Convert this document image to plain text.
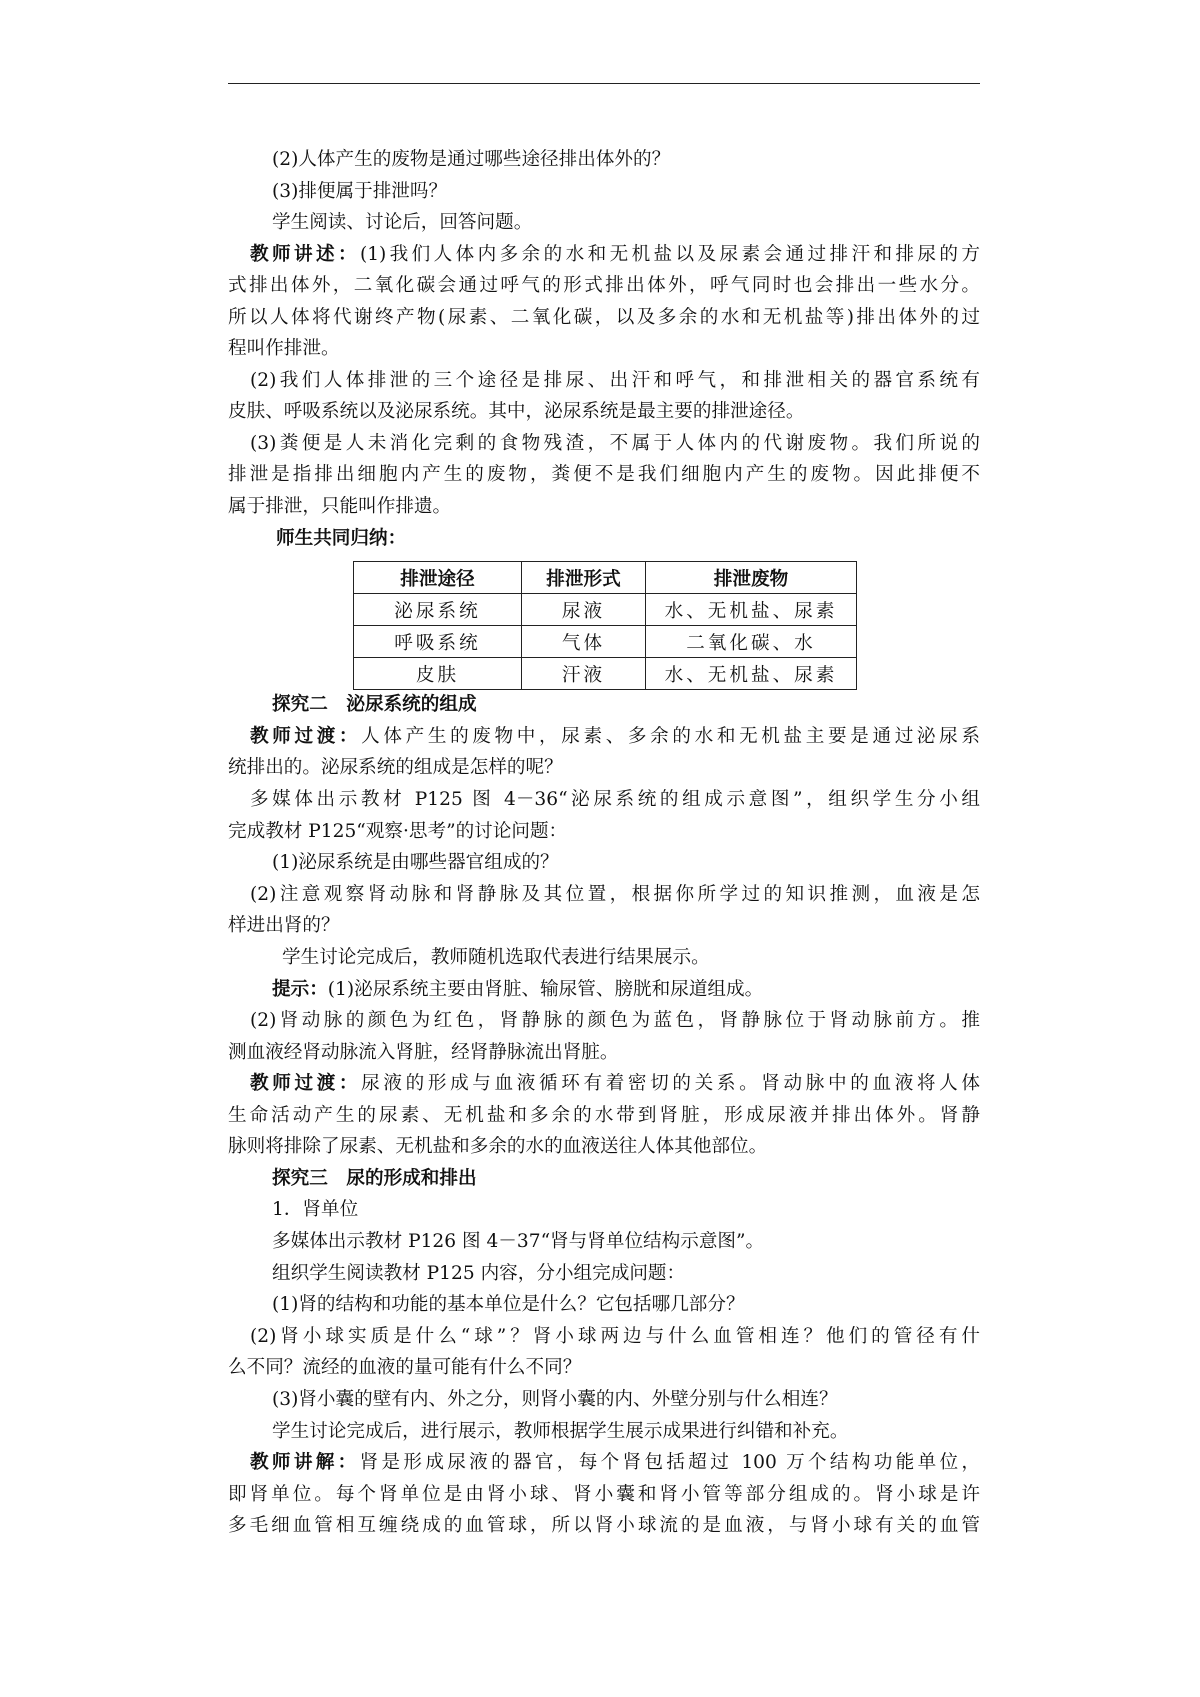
(2)人体产生的废物是通过哪些途径排出体外的？
(3)排便属于排泄吗？
学生阅读、讨论后，回答问题。
教师讲述：(1)我们人体内多余的水和无机盐以及尿素会通过排汗和排尿的方
式排出体外，二氧化碳会通过呼气的形式排出体外，呼气同时也会排出一些水分。
所以人体将代谢终产物(尿素、二氧化碳，以及多余的水和无机盐等)排出体外的过
程叫作排泄。
(2)我们人体排泄的三个途径是排尿、出汗和呼气，和排泄相关的器官系统有
皮肤、呼吸系统以及泌尿系统。其中，泌尿系统是最主要的排泄途径。
(3)粪便是人未消化完剩的食物残渣，不属于人体内的代谢废物。我们所说的
排泄是指排出细胞内产生的废物，粪便不是我们细胞内产生的废物。因此排便不
属于排泄，只能叫作排遗。
师生共同归纳：
排泄途径	排泄形式	排泄废物
泌尿系统	尿液	水、无机盐、尿素
呼吸系统	气体	二氧化碳、水
皮肤	汗液	水、无机盐、尿素
探究二　泌尿系统的组成
教师过渡：人体产生的废物中，尿素、多余的水和无机盐主要是通过泌尿系
统排出的。泌尿系统的组成是怎样的呢？
多媒体出示教材 P125 图 4－36“泌尿系统的组成示意图”，组织学生分小组
完成教材 P125“观察·思考”的讨论问题：
(1)泌尿系统是由哪些器官组成的？
(2)注意观察肾动脉和肾静脉及其位置，根据你所学过的知识推测，血液是怎
样进出肾的？
学生讨论完成后，教师随机选取代表进行结果展示。
提示：(1)泌尿系统主要由肾脏、输尿管、膀胱和尿道组成。
(2)肾动脉的颜色为红色，肾静脉的颜色为蓝色，肾静脉位于肾动脉前方。推
测血液经肾动脉流入肾脏，经肾静脉流出肾脏。
教师过渡：尿液的形成与血液循环有着密切的关系。肾动脉中的血液将人体
生命活动产生的尿素、无机盐和多余的水带到肾脏，形成尿液并排出体外。肾静
脉则将排除了尿素、无机盐和多余的水的血液送往人体其他部位。
探究三　尿的形成和排出
1．肾单位
多媒体出示教材 P126 图 4－37“肾与肾单位结构示意图”。
组织学生阅读教材 P125 内容，分小组完成问题：
(1)肾的结构和功能的基本单位是什么？它包括哪几部分？
(2)肾小球实质是什么“球”？肾小球两边与什么血管相连？他们的管径有什
么不同？流经的血液的量可能有什么不同？
(3)肾小囊的壁有内、外之分，则肾小囊的内、外壁分别与什么相连？
学生讨论完成后，进行展示，教师根据学生展示成果进行纠错和补充。
教师讲解：肾是形成尿液的器官，每个肾包括超过 100 万个结构功能单位，
即肾单位。每个肾单位是由肾小球、肾小囊和肾小管等部分组成的。肾小球是许
多毛细血管相互缠绕成的血管球，所以肾小球流的是血液，与肾小球有关的血管
